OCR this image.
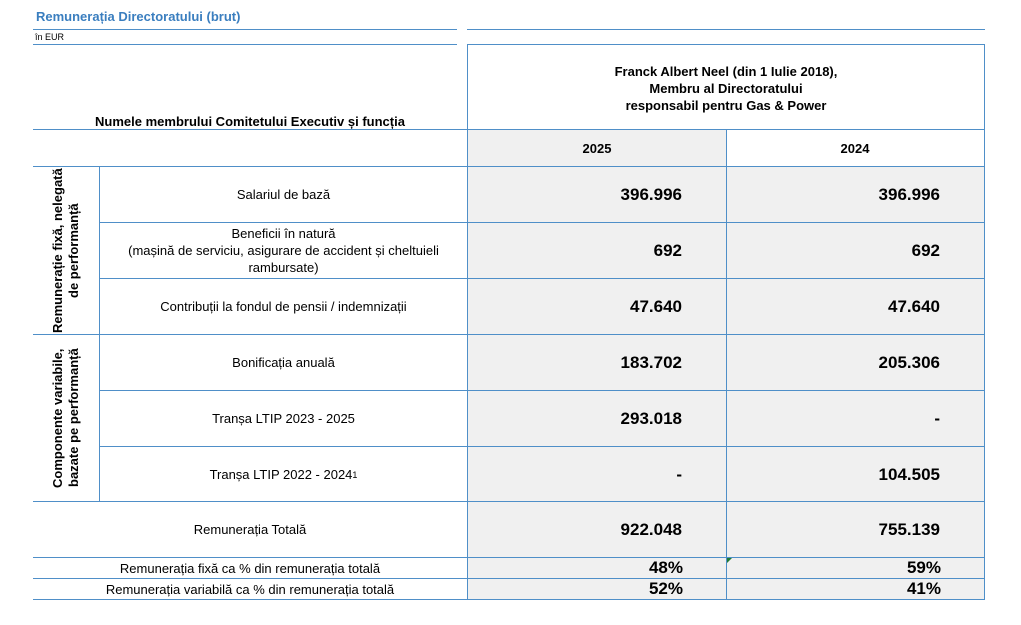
Remunerația Directoratului (brut)
în EUR
Numele membrului Comitetului Executiv și funcția
Franck Albert Neel (din 1 Iulie 2018),
Membru al Directoratului
responsabil pentru Gas & Power
2025	2024
Remunerație fixă, nelegată de performanță
Componente variabile, bazate pe performanță
Salariul de bază
Beneficii în natură
(mașină de serviciu, asigurare de accident și cheltuieli
rambursate)
Contribuții la fondul de pensii / indemnizații
Bonificația anuală
Tranșa LTIP 2023 - 2025
Tranșa LTIP 2022 - 2024 1
Remunerația Totală
Remunerația fixă ca % din remunerația totală
Remunerația variabilă ca % din remunerația totală
396.996
692
47.640
183.702
293.018
-
922.048
48%
52%
396.996
692
47.640
205.306
-
104.505
755.139
59%
41%
